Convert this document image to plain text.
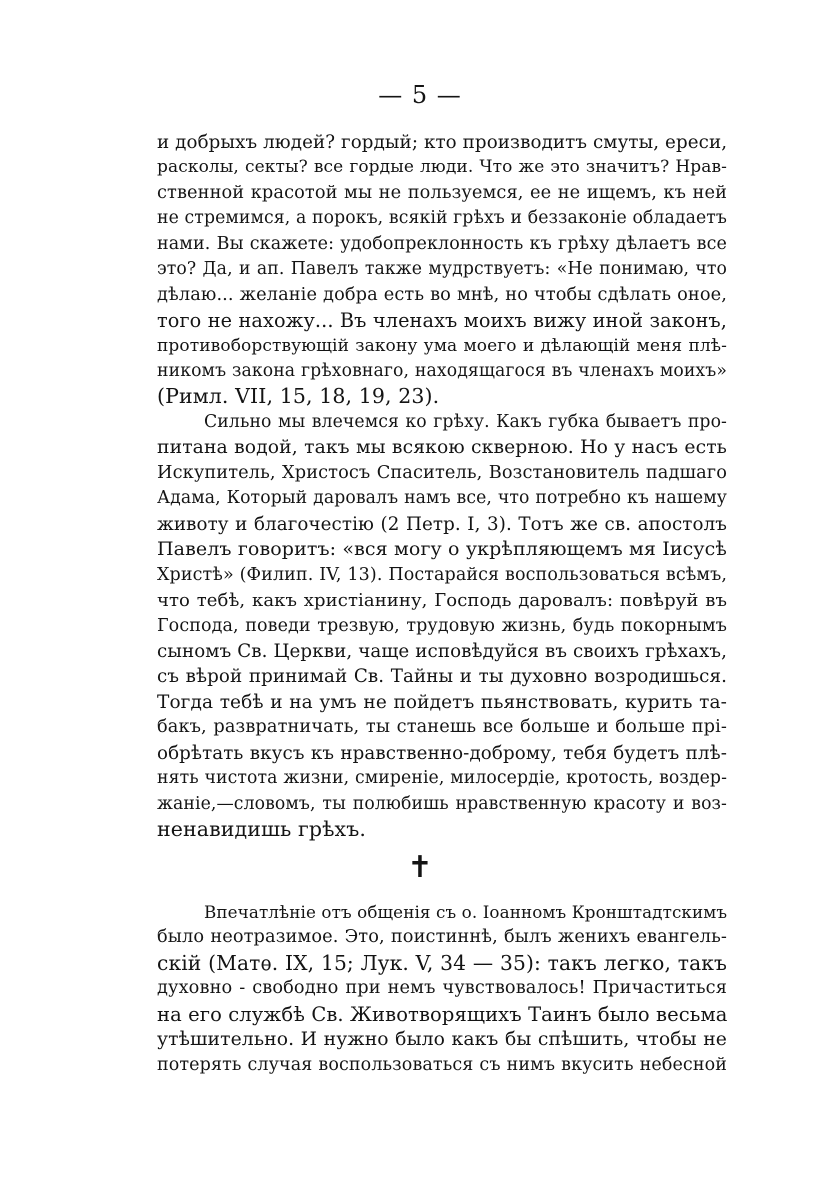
— 5 —
и добрыхъ людей? гордый; кто производитъ смуты, ереси,
расколы, секты? все гордые люди. Что же это значитъ? Нрав-
ственной красотой мы не пользуемся, ее не ищемъ, къ ней
не стремимся, а порокъ, всякій грѣхъ и беззаконіе обладаетъ
нами. Вы скажете: удобопреклонность къ грѣху дѣлаетъ все
это? Да, и ап. Павелъ также мудрствуетъ: «Не понимаю, что
дѣлаю... желаніе добра есть во мнѣ, но чтобы сдѣлать оное,
того не нахожу... Въ членахъ моихъ вижу иной законъ,
противоборствующій закону ума моего и дѣлающій меня плѣ-
никомъ закона грѣховнаго, находящагося въ членахъ моихъ»
(Римл. VII, 15, 18, 19, 23).
Сильно мы влечемся ко грѣху. Какъ губка бываетъ про-
питана водой, такъ мы всякою скверною. Но у насъ есть
Искупитель, Христосъ Спаситель, Возстановитель падшаго
Адама, Который даровалъ намъ все, что потребно къ нашему
животу и благочестію (2 Петр. I, 3). Тотъ же св. апостолъ
Павелъ говоритъ: «вся могу о укрѣпляющемъ мя Іисусѣ
Христѣ» (Филип. IV, 13). Постарайся воспользоваться всѣмъ,
что тебѣ, какъ христіанину, Господь даровалъ: повѣруй въ
Господа, поведи трезвую, трудовую жизнь, будь покорнымъ
сыномъ Св. Церкви, чаще исповѣдуйся въ своихъ грѣхахъ,
съ вѣрой принимай Св. Тайны и ты духовно возродишься.
Тогда тебѣ и на умъ не пойдетъ пьянствовать, курить та-
бакъ, развратничать, ты станешь все больше и больше прі-
обрѣтать вкусъ къ нравственно-доброму, тебя будетъ плѣ-
нять чистота жизни, смиреніе, милосердіе, кротость, воздер-
жаніе,—словомъ, ты полюбишь нравственную красоту и воз-
ненавидишь грѣхъ.
✝
Впечатлѣніе отъ общенія съ о. Іоанномъ Кронштадтскимъ
было неотразимое. Это, поистиннѣ, былъ женихъ евангель-
скій (Матѳ. IX, 15; Лук. V, 34 — 35): такъ легко, такъ
духовно - свободно при немъ чувствовалось! Причаститься
на его службѣ Св. Животворящихъ Таинъ было весьма
утѣшительно. И нужно было какъ бы спѣшить, чтобы не
потерять случая воспользоваться съ нимъ вкусить небесной
